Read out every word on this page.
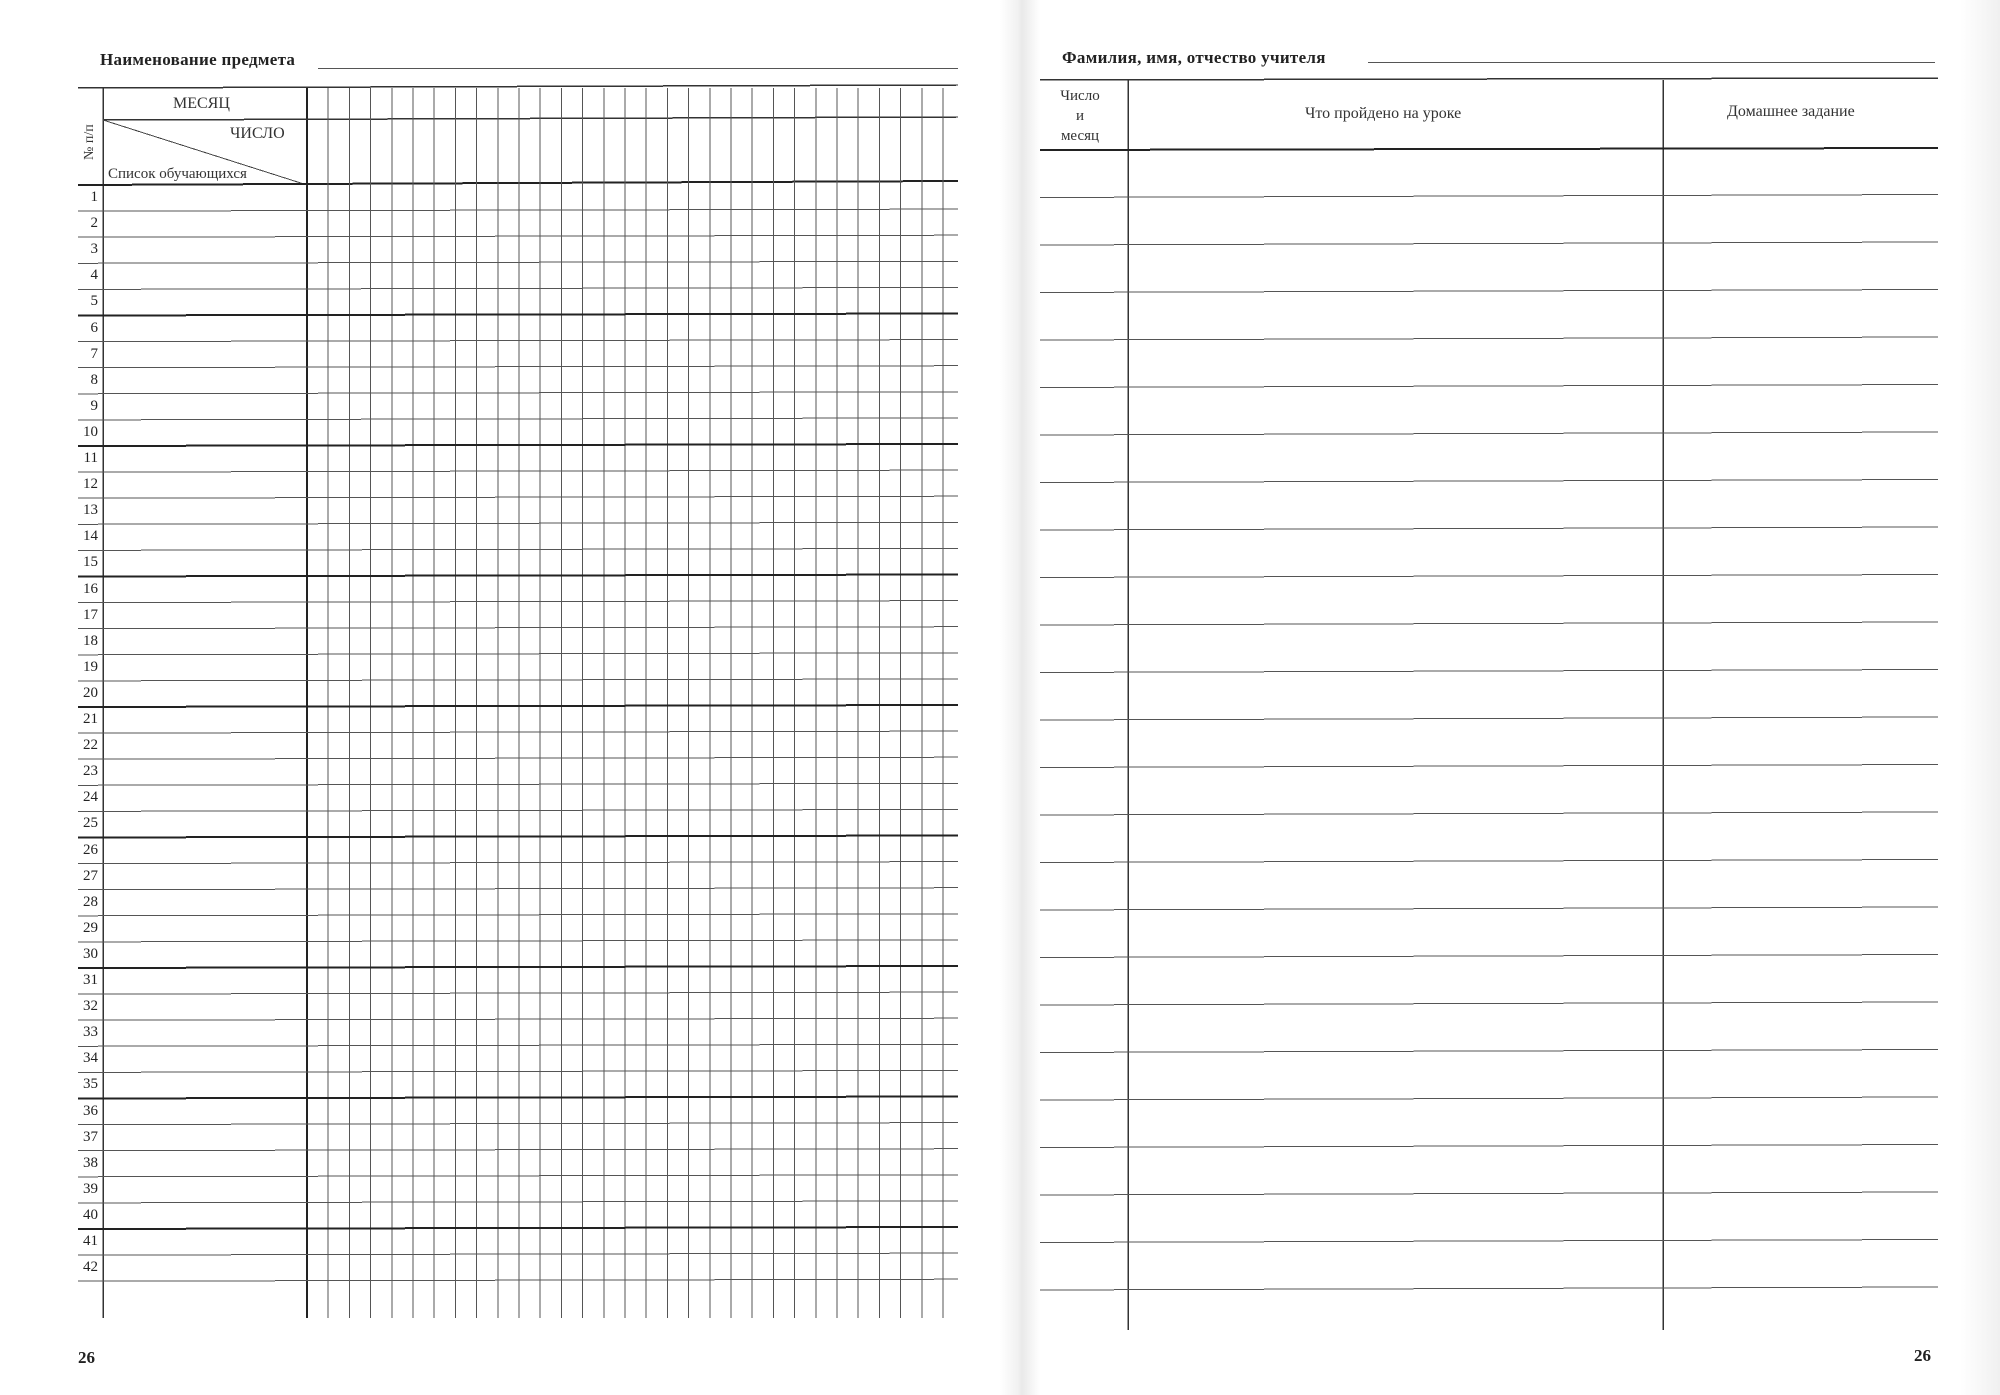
Наименование предмета
МЕСЯЦ
ЧИСЛО
Список обучающихся
№ п/п
1
2
3
4
5
6
7
8
9
10
11
12
13
14
15
16
17
18
19
20
21
22
23
24
25
26
27
28
29
30
31
32
33
34
35
36
37
38
39
40
41
42
26
Фамилия, имя, отчество учителя
Число
и
месяц
Что пройдено на уроке	Домашнее задание
26
